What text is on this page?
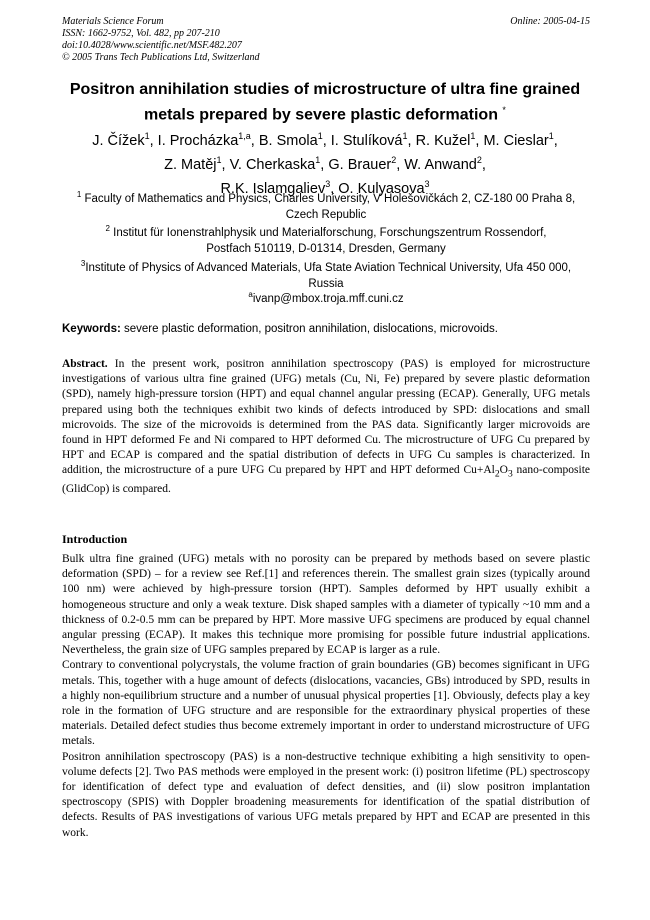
Materials Science Forum
ISSN: 1662-9752, Vol. 482, pp 207-210
doi:10.4028/www.scientific.net/MSF.482.207
© 2005 Trans Tech Publications Ltd, Switzerland
Online: 2005-04-15
Positron annihilation studies of microstructure of ultra fine grained
metals prepared by severe plastic deformation *
J. Čížek$^1$, I. Procházka$^{1,a}$, B. Smola$^1$, I. Stulíková$^1$, R. Kužel$^1$, M. Cieslar$^1$,
Z. Matěj$^1$, V. Cherkaska$^1$, G. Brauer$^2$, W. Anwand$^2$,
R.K. Islamgaliev$^3$, O. Kulyasova$^3$
$^1$ Faculty of Mathematics and Physics, Charles University, V Holešovičkách 2, CZ-180 00 Praha 8,
Czech Republic
$^2$ Institut für Ionenstrahlphysik und Materialforschung, Forschungszentrum Rossendorf,
Postfach 510119, D-01314, Dresden, Germany
$^3$Institute of Physics of Advanced Materials, Ufa State Aviation Technical University, Ufa 450 000,
Russia
$^a$ivanp@mbox.troja.mff.cuni.cz
Keywords: severe plastic deformation, positron annihilation, dislocations, microvoids.
Abstract. In the present work, positron annihilation spectroscopy (PAS) is employed for microstructure investigations of various ultra fine grained (UFG) metals (Cu, Ni, Fe) prepared by severe plastic deformation (SPD), namely high-pressure torsion (HPT) and equal channel angular pressing (ECAP). Generally, UFG metals prepared using both the techniques exhibit two kinds of defects introduced by SPD: dislocations and small microvoids. The size of the microvoids is determined from the PAS data. Significantly larger microvoids are found in HPT deformed Fe and Ni compared to HPT deformed Cu. The microstructure of UFG Cu prepared by HPT and ECAP is compared and the spatial distribution of defects in UFG Cu samples is characterized. In addition, the microstructure of a pure UFG Cu prepared by HPT and HPT deformed $Cu+Al_2O_3$ nano-composite (GlidCop) is compared.
Introduction

Bulk ultra fine grained (UFG) metals with no porosity can be prepared by methods based on severe plastic deformation (SPD) – for a review see Ref.[1] and references therein. The smallest grain sizes (typically around 100 nm) were achieved by high-pressure torsion (HPT). Samples deformed by HPT usually exhibit a homogeneous structure and only a weak texture. Disk shaped samples with a diameter of typically ~10 mm and a thickness of 0.2-0.5 mm can be prepared by HPT. More massive UFG specimens are produced by equal channel angular pressing (ECAP). It makes this technique more promising for possible future industrial applications. Nevertheless, the grain size of UFG samples prepared by ECAP is larger as a rule.

Contrary to conventional polycrystals, the volume fraction of grain boundaries (GB) becomes significant in UFG metals. This, together with a huge amount of defects (dislocations, vacancies, GBs) introduced by SPD, results in a highly non-equilibrium structure and a number of unusual physical properties [1]. Obviously, defects play a key role in the formation of UFG structure and are responsible for the extraordinary physical properties of these materials. Detailed defect studies thus become extremely important in order to understand microstructure of UFG metals.

Positron annihilation spectroscopy (PAS) is a non-destructive technique exhibiting a high sensitivity to open-volume defects [2]. Two PAS methods were employed in the present work: (i) positron lifetime (PL) spectroscopy for identification of defect type and evaluation of defect densities, and (ii) slow positron implantation spectroscopy (SPIS) with Doppler broadening measurements for identification of the spatial distribution of defects. Results of PAS investigations of various UFG metals prepared by HPT and ECAP are presented in this work.
